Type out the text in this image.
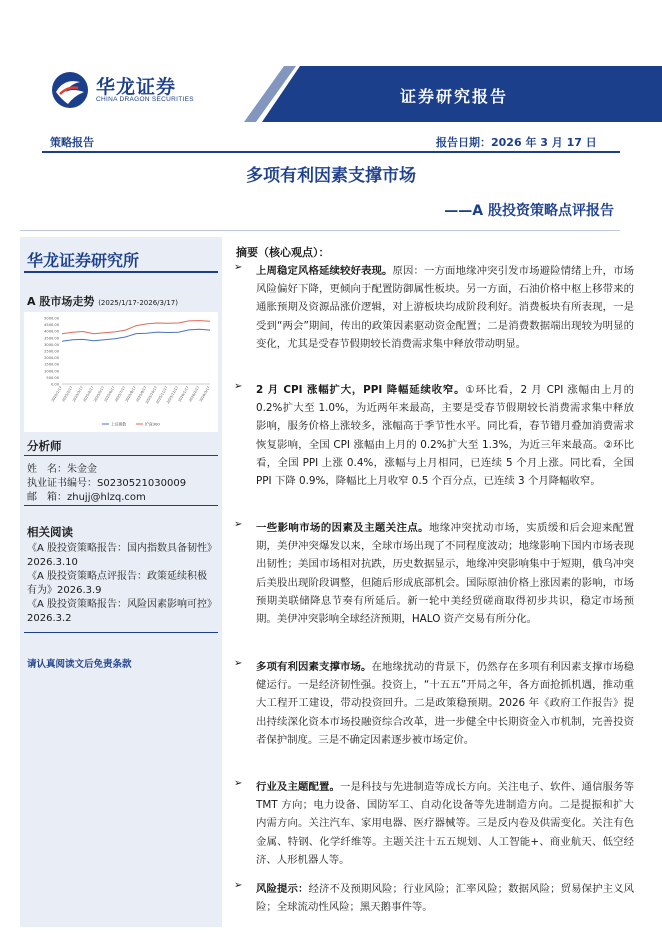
证券研究报告
华龙证券
CHINA DRAGON SECURITIES
策略报告	报告日期：2026 年 3 月 17 日
多项有利因素支撑市场
——A 股投资策略点评报告
华龙证券研究所
A 股市场走势 (2025/1/17-2026/3/17)
5000.00
4500.00
4000.00
3500.00
3000.00
2500.00
2000.00
1500.00
1000.00
500.00
0.00
2025/1/17
2025/2/17
2025/3/17
2025/4/17
2025/5/17
2025/6/17
2025/7/17
2025/8/17
2025/9/17
2025/10/17
2025/11/17
2025/12/17
2026/1/17
2026/2/17
2026/3/17
上证指数	沪深300
分析师
姓　名：朱金金
执业证书编号：S0230521030009
邮　箱：zhujj@hlzq.com
相关阅读
《A 股投资策略报告：国内指数具备韧性》2026.3.10
《A 股投资策略点评报告：政策延续积极有为》2026.3.9
《A 股投资策略报告：风险因素影响可控》2026.3.2
请认真阅读文后免责条款
摘要（核心观点）：
➢ 上周稳定风格延续较好表现。原因：一方面地缘冲突引发市场避险情绪上升，市场风险偏好下降，更倾向于配置防御属性板块。另一方面，石油价格中枢上移带来的通胀预期及资源品涨价逻辑，对上游板块均成阶段利好。消费板块有所表现，一是受到“两会”期间，传出的政策因素驱动资金配置；二是消费数据端出现较为明显的变化，尤其是受春节假期较长消费需求集中释放带动明显。

➢ 2 月 CPI 涨幅扩大，PPI 降幅延续收窄。①环比看，2 月 CPI 涨幅由上月的 0.2%扩大至 1.0%，为近两年来最高，主要是受春节假期较长消费需求集中释放影响，服务价格上涨较多，涨幅高于季节性水平。同比看，春节错月叠加消费需求恢复影响，全国 CPI 涨幅由上月的 0.2%扩大至 1.3%，为近三年来最高。②环比看，全国 PPI 上涨 0.4%，涨幅与上月相同，已连续 5 个月上涨。同比看，全国 PPI 下降 0.9%，降幅比上月收窄 0.5 个百分点，已连续 3 个月降幅收窄。

➢ 一些影响市场的因素及主题关注点。地缘冲突扰动市场，实质缓和后会迎来配置期，美伊冲突爆发以来，全球市场出现了不同程度波动；地缘影响下国内市场表现出韧性；美国市场相对抗跌，历史数据显示，地缘冲突影响集中于短期，俄乌冲突后美股出现阶段调整，但随后形成底部机会。国际原油价格上涨因素的影响，市场预期美联储降息节奏有所延后。新一轮中美经贸磋商取得初步共识，稳定市场预期。美伊冲突影响全球经济预期，HALO 资产交易有所分化。

➢ 多项有利因素支撑市场。在地缘扰动的背景下，仍然存在多项有利因素支撑市场稳健运行。一是经济韧性强。投资上，“十五五”开局之年，各方面抢抓机遇，推动重大工程开工建设，带动投资回升。二是政策稳预期。2026 年《政府工作报告》提出持续深化资本市场投融资综合改革，进一步健全中长期资金入市机制，完善投资者保护制度。三是不确定因素逐步被市场定价。

➢ 行业及主题配置。一是科技与先进制造等成长方向。关注电子、软件、通信服务等 TMT 方向；电力设备、国防军工、自动化设备等先进制造方向。二是提振和扩大内需方向。关注汽车、家用电器、医疗器械等。三是反内卷及供需变化。关注有色金属、特钢、化学纤维等。主题关注十五五规划、人工智能+、商业航天、低空经济、人形机器人等。

➢ 风险提示：经济不及预期风险；行业风险；汇率风险；数据风险；贸易保护主义风险；全球流动性风险；黑天鹅事件等。
